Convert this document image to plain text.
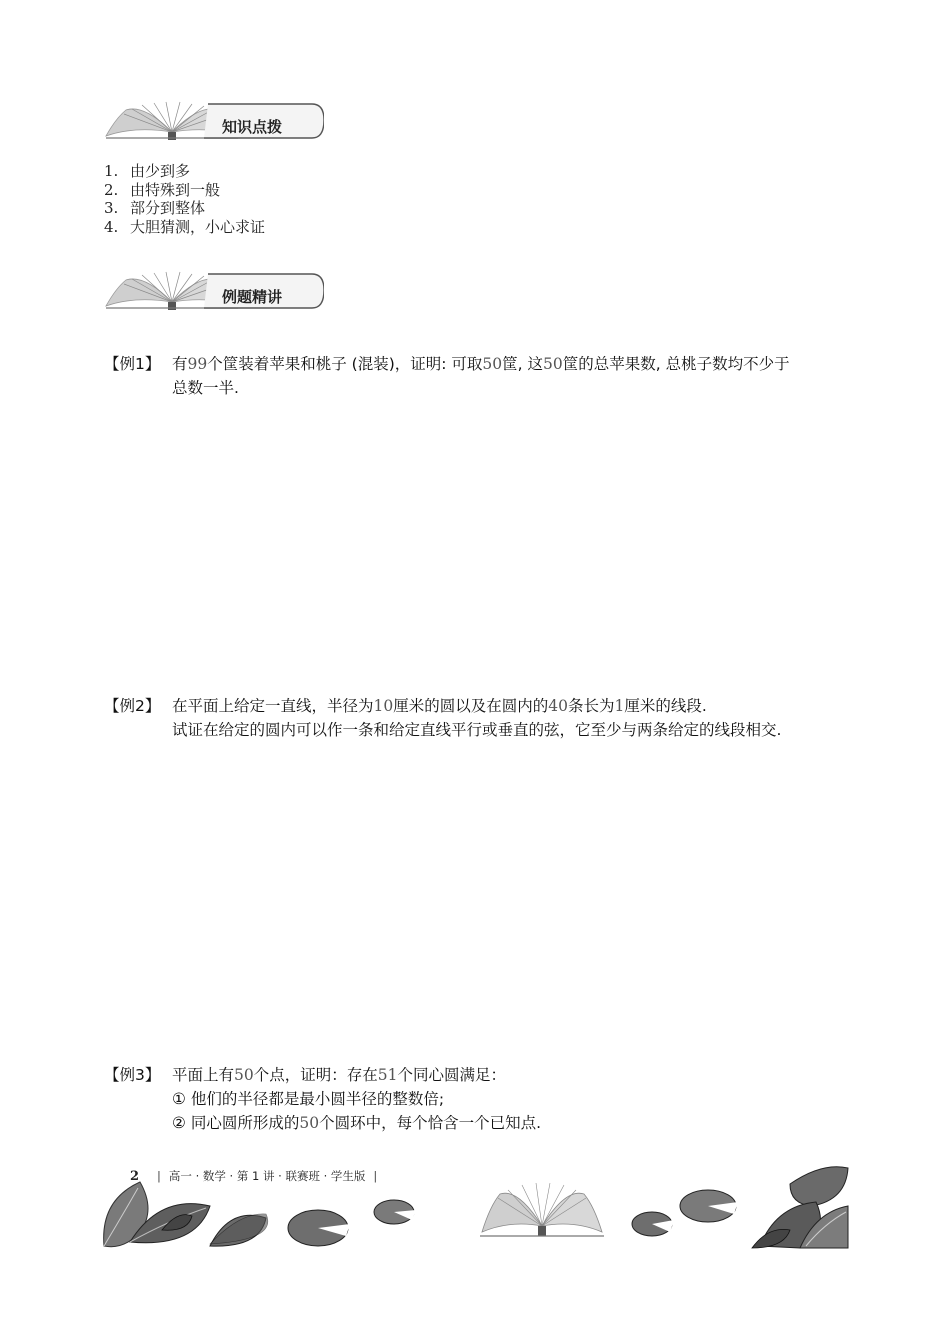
知识点拨
1. 由少到多
2. 由特殊到一般
3. 部分到整体
4. 大胆猜测，小心求证
例题精讲
【例1】 有99个筐装着苹果和桃子 (混装)，证明: 可取50筐, 这50筐的总苹果数, 总桃子数均不少于
总数一半.
【例2】 在平面上给定一直线，半径为10厘米的圆以及在圆内的40条长为1厘米的线段.
试证在给定的圆内可以作一条和给定直线平行或垂直的弦，它至少与两条给定的线段相交.
【例3】 平面上有50个点，证明：存在51个同心圆满足：
① 他们的半径都是最小圆半径的整数倍;
② 同心圆所形成的50个圆环中，每个恰含一个已知点.
2 | 高一 · 数学 · 第 1 讲 · 联赛班 · 学生版 |
